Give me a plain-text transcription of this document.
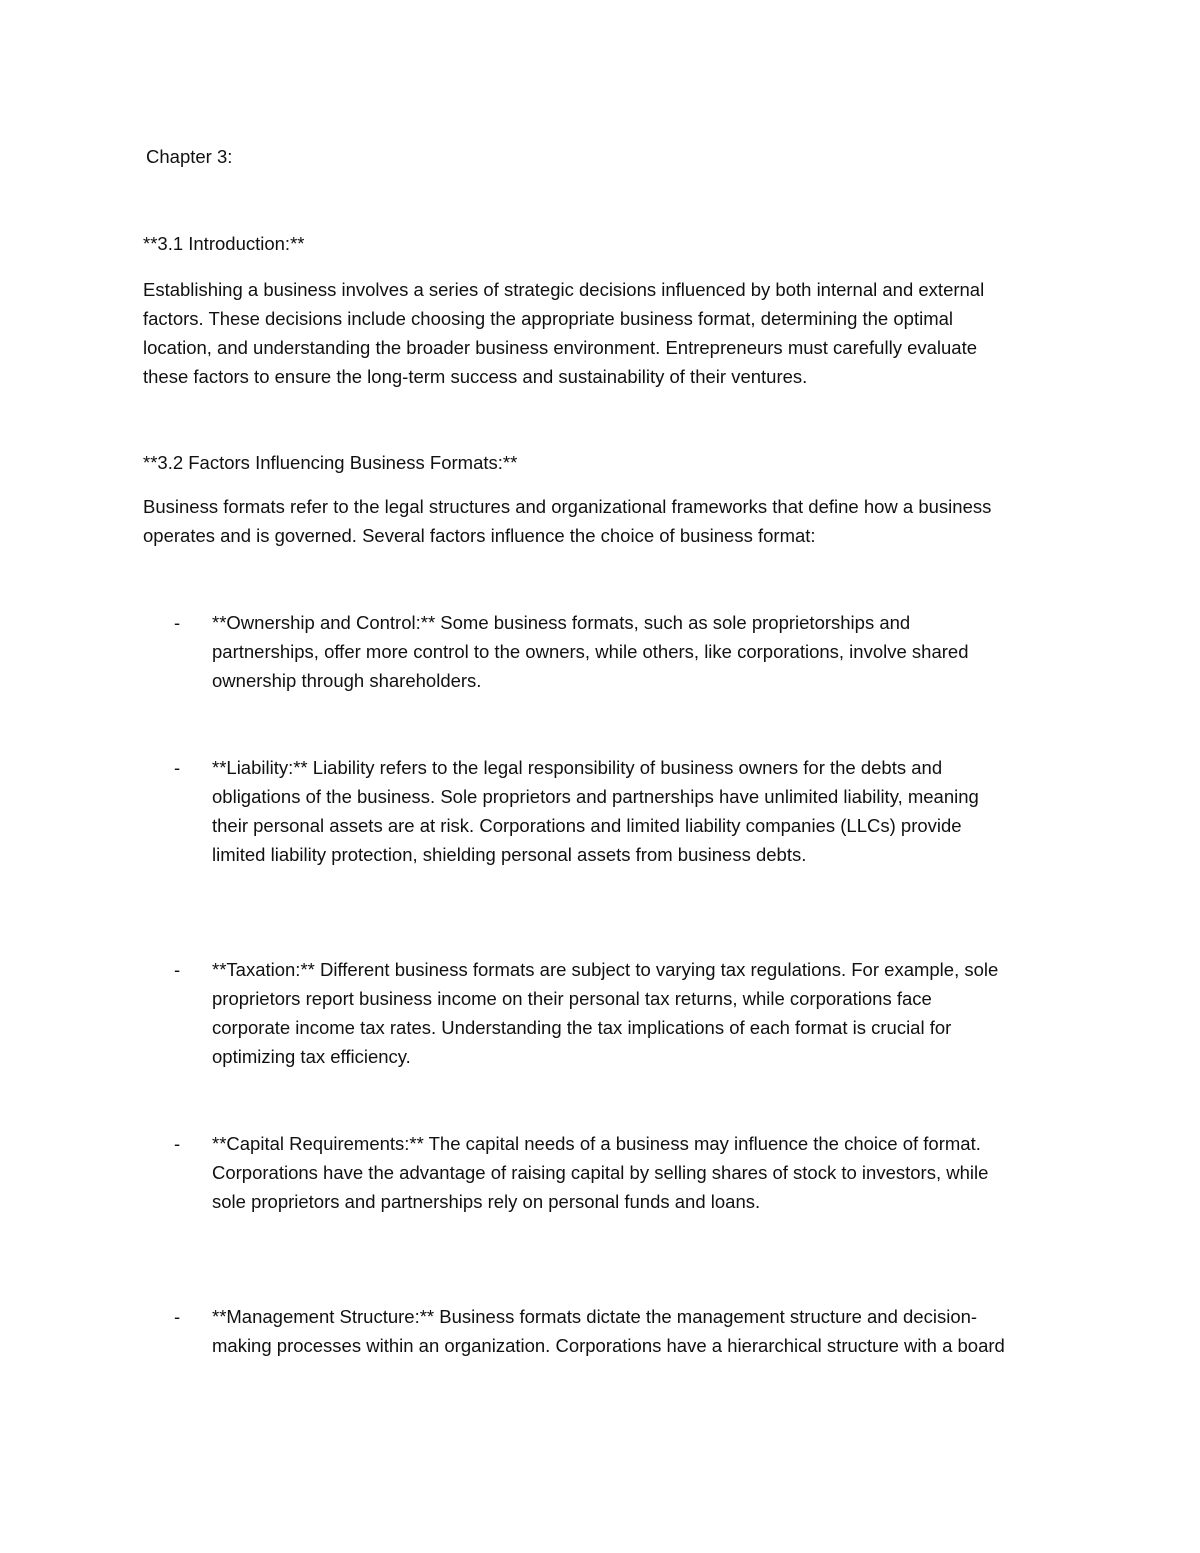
Chapter 3:

**3.1 Introduction:**

Establishing a business involves a series of strategic decisions influenced by both internal and external
factors. These decisions include choosing the appropriate business format, determining the optimal
location, and understanding the broader business environment. Entrepreneurs must carefully evaluate
these factors to ensure the long-term success and sustainability of their ventures.

**3.2 Factors Influencing Business Formats:**

Business formats refer to the legal structures and organizational frameworks that define how a business
operates and is governed. Several factors influence the choice of business format:

- **Ownership and Control:** Some business formats, such as sole proprietorships and
partnerships, offer more control to the owners, while others, like corporations, involve shared
ownership through shareholders.

- **Liability:** Liability refers to the legal responsibility of business owners for the debts and
obligations of the business. Sole proprietors and partnerships have unlimited liability, meaning
their personal assets are at risk. Corporations and limited liability companies (LLCs) provide
limited liability protection, shielding personal assets from business debts.

- **Taxation:** Different business formats are subject to varying tax regulations. For example, sole
proprietors report business income on their personal tax returns, while corporations face
corporate income tax rates. Understanding the tax implications of each format is crucial for
optimizing tax efficiency.

- **Capital Requirements:** The capital needs of a business may influence the choice of format.
Corporations have the advantage of raising capital by selling shares of stock to investors, while
sole proprietors and partnerships rely on personal funds and loans.

- **Management Structure:** Business formats dictate the management structure and decision-
making processes within an organization. Corporations have a hierarchical structure with a board
